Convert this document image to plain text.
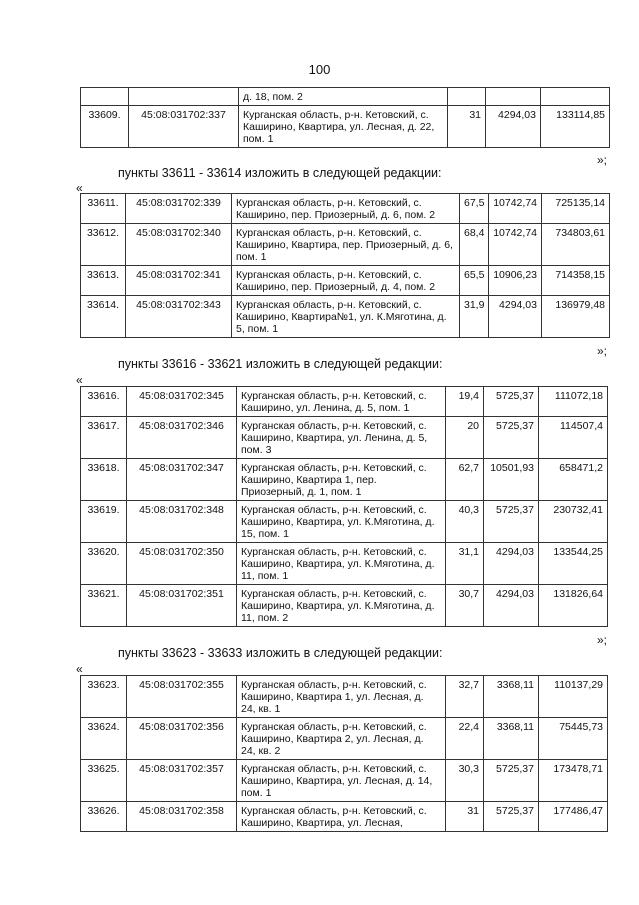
100
		д. 18, пом. 2			
33609.	45:08:031702:337	Курганская область, р-н. Кетовский, с. Каширино, Квартира, ул. Лесная, д. 22, пом. 1	31	4294,03	133114,85
»;
пункты 33611 - 33614 изложить в следующей редакции:
«
33611.	45:08:031702:339	Курганская область, р-н. Кетовский, с. Каширино, пер. Приозерный, д. 6, пом. 2	67,5	10742,74	725135,14
33612.	45:08:031702:340	Курганская область, р-н. Кетовский, с. Каширино, Квартира, пер. Приозерный, д. 6, пом. 1	68,4	10742,74	734803,61
33613.	45:08:031702:341	Курганская область, р-н. Кетовский, с. Каширино, пер. Приозерный, д. 4, пом. 2	65,5	10906,23	714358,15
33614.	45:08:031702:343	Курганская область, р-н. Кетовский, с. Каширино, Квартира№1, ул. К.Мяготина, д. 5, пом. 1	31,9	4294,03	136979,48
»;
пункты 33616 - 33621 изложить в следующей редакции:
«
33616.	45:08:031702:345	Курганская область, р-н. Кетовский, с. Каширино, ул. Ленина, д. 5, пом. 1	19,4	5725,37	111072,18
33617.	45:08:031702:346	Курганская область, р-н. Кетовский, с. Каширино, Квартира, ул. Ленина, д. 5, пом. 3	20	5725,37	114507,4
33618.	45:08:031702:347	Курганская область, р-н. Кетовский, с. Каширино, Квартира 1, пер. Приозерный, д. 1, пом. 1	62,7	10501,93	658471,2
33619.	45:08:031702:348	Курганская область, р-н. Кетовский, с. Каширино, Квартира, ул. К.Мяготина, д. 15, пом. 1	40,3	5725,37	230732,41
33620.	45:08:031702:350	Курганская область, р-н. Кетовский, с. Каширино, Квартира, ул. К.Мяготина, д. 11, пом. 1	31,1	4294,03	133544,25
33621.	45:08:031702:351	Курганская область, р-н. Кетовский, с. Каширино, Квартира, ул. К.Мяготина, д. 11, пом. 2	30,7	4294,03	131826,64
»;
пункты 33623 - 33633 изложить в следующей редакции:
«
33623.	45:08:031702:355	Курганская область, р-н. Кетовский, с. Каширино, Квартира 1, ул. Лесная, д. 24, кв. 1	32,7	3368,11	110137,29
33624.	45:08:031702:356	Курганская область, р-н. Кетовский, с. Каширино, Квартира 2, ул. Лесная, д. 24, кв. 2	22,4	3368,11	75445,73
33625.	45:08:031702:357	Курганская область, р-н. Кетовский, с. Каширино, Квартира, ул. Лесная, д. 14, пом. 1	30,3	5725,37	173478,71
33626.	45:08:031702:358	Курганская область, р-н. Кетовский, с. Каширино, Квартира, ул. Лесная,	31	5725,37	177486,47
